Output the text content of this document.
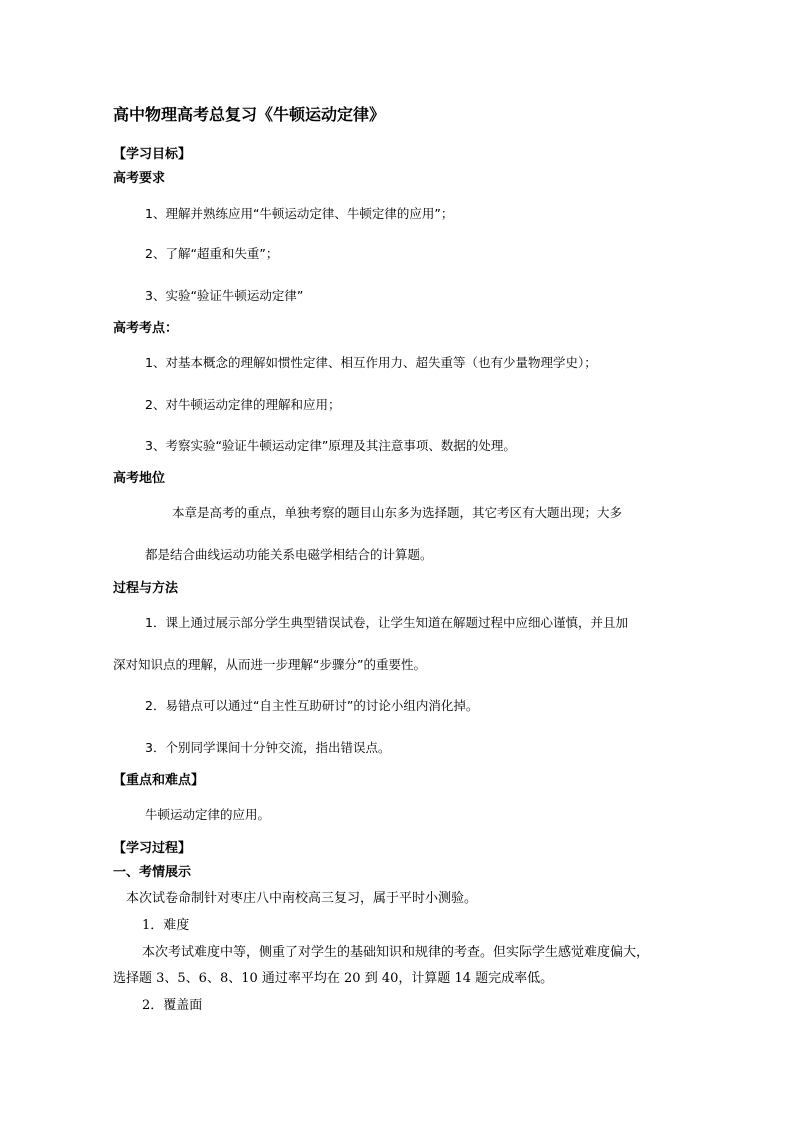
高中物理高考总复习《牛顿运动定律》
【学习目标】
高考要求
1、理解并熟练应用“牛顿运动定律、牛顿定律的应用”；
2、了解“超重和失重”；
3、实验“验证牛顿运动定律”
高考考点：
1、对基本概念的理解如惯性定律、相互作用力、超失重等（也有少量物理学史）；
2、对牛顿运动定律的理解和应用；
3、考察实验“验证牛顿运动定律”原理及其注意事项、数据的处理。
高考地位
本章是高考的重点，单独考察的题目山东多为选择题，其它考区有大题出现；大多
都是结合曲线运动功能关系电磁学相结合的计算题。
过程与方法
1．课上通过展示部分学生典型错误试卷，让学生知道在解题过程中应细心谨慎，并且加
深对知识点的理解，从而进一步理解“步骤分”的重要性。
2．易错点可以通过“自主性互助研讨”的讨论小组内消化掉。
3．个别同学课间十分钟交流，指出错误点。
【重点和难点】
牛顿运动定律的应用。
【学习过程】
一、考情展示
本次试卷命制针对枣庄八中南校高三复习，属于平时小测验。
1．难度
本次考试难度中等，侧重了对学生的基础知识和规律的考查。但实际学生感觉难度偏大，
选择题 3、5、6、8、10 通过率平均在 20 到 40，计算题 14 题完成率低。
2．覆盖面
